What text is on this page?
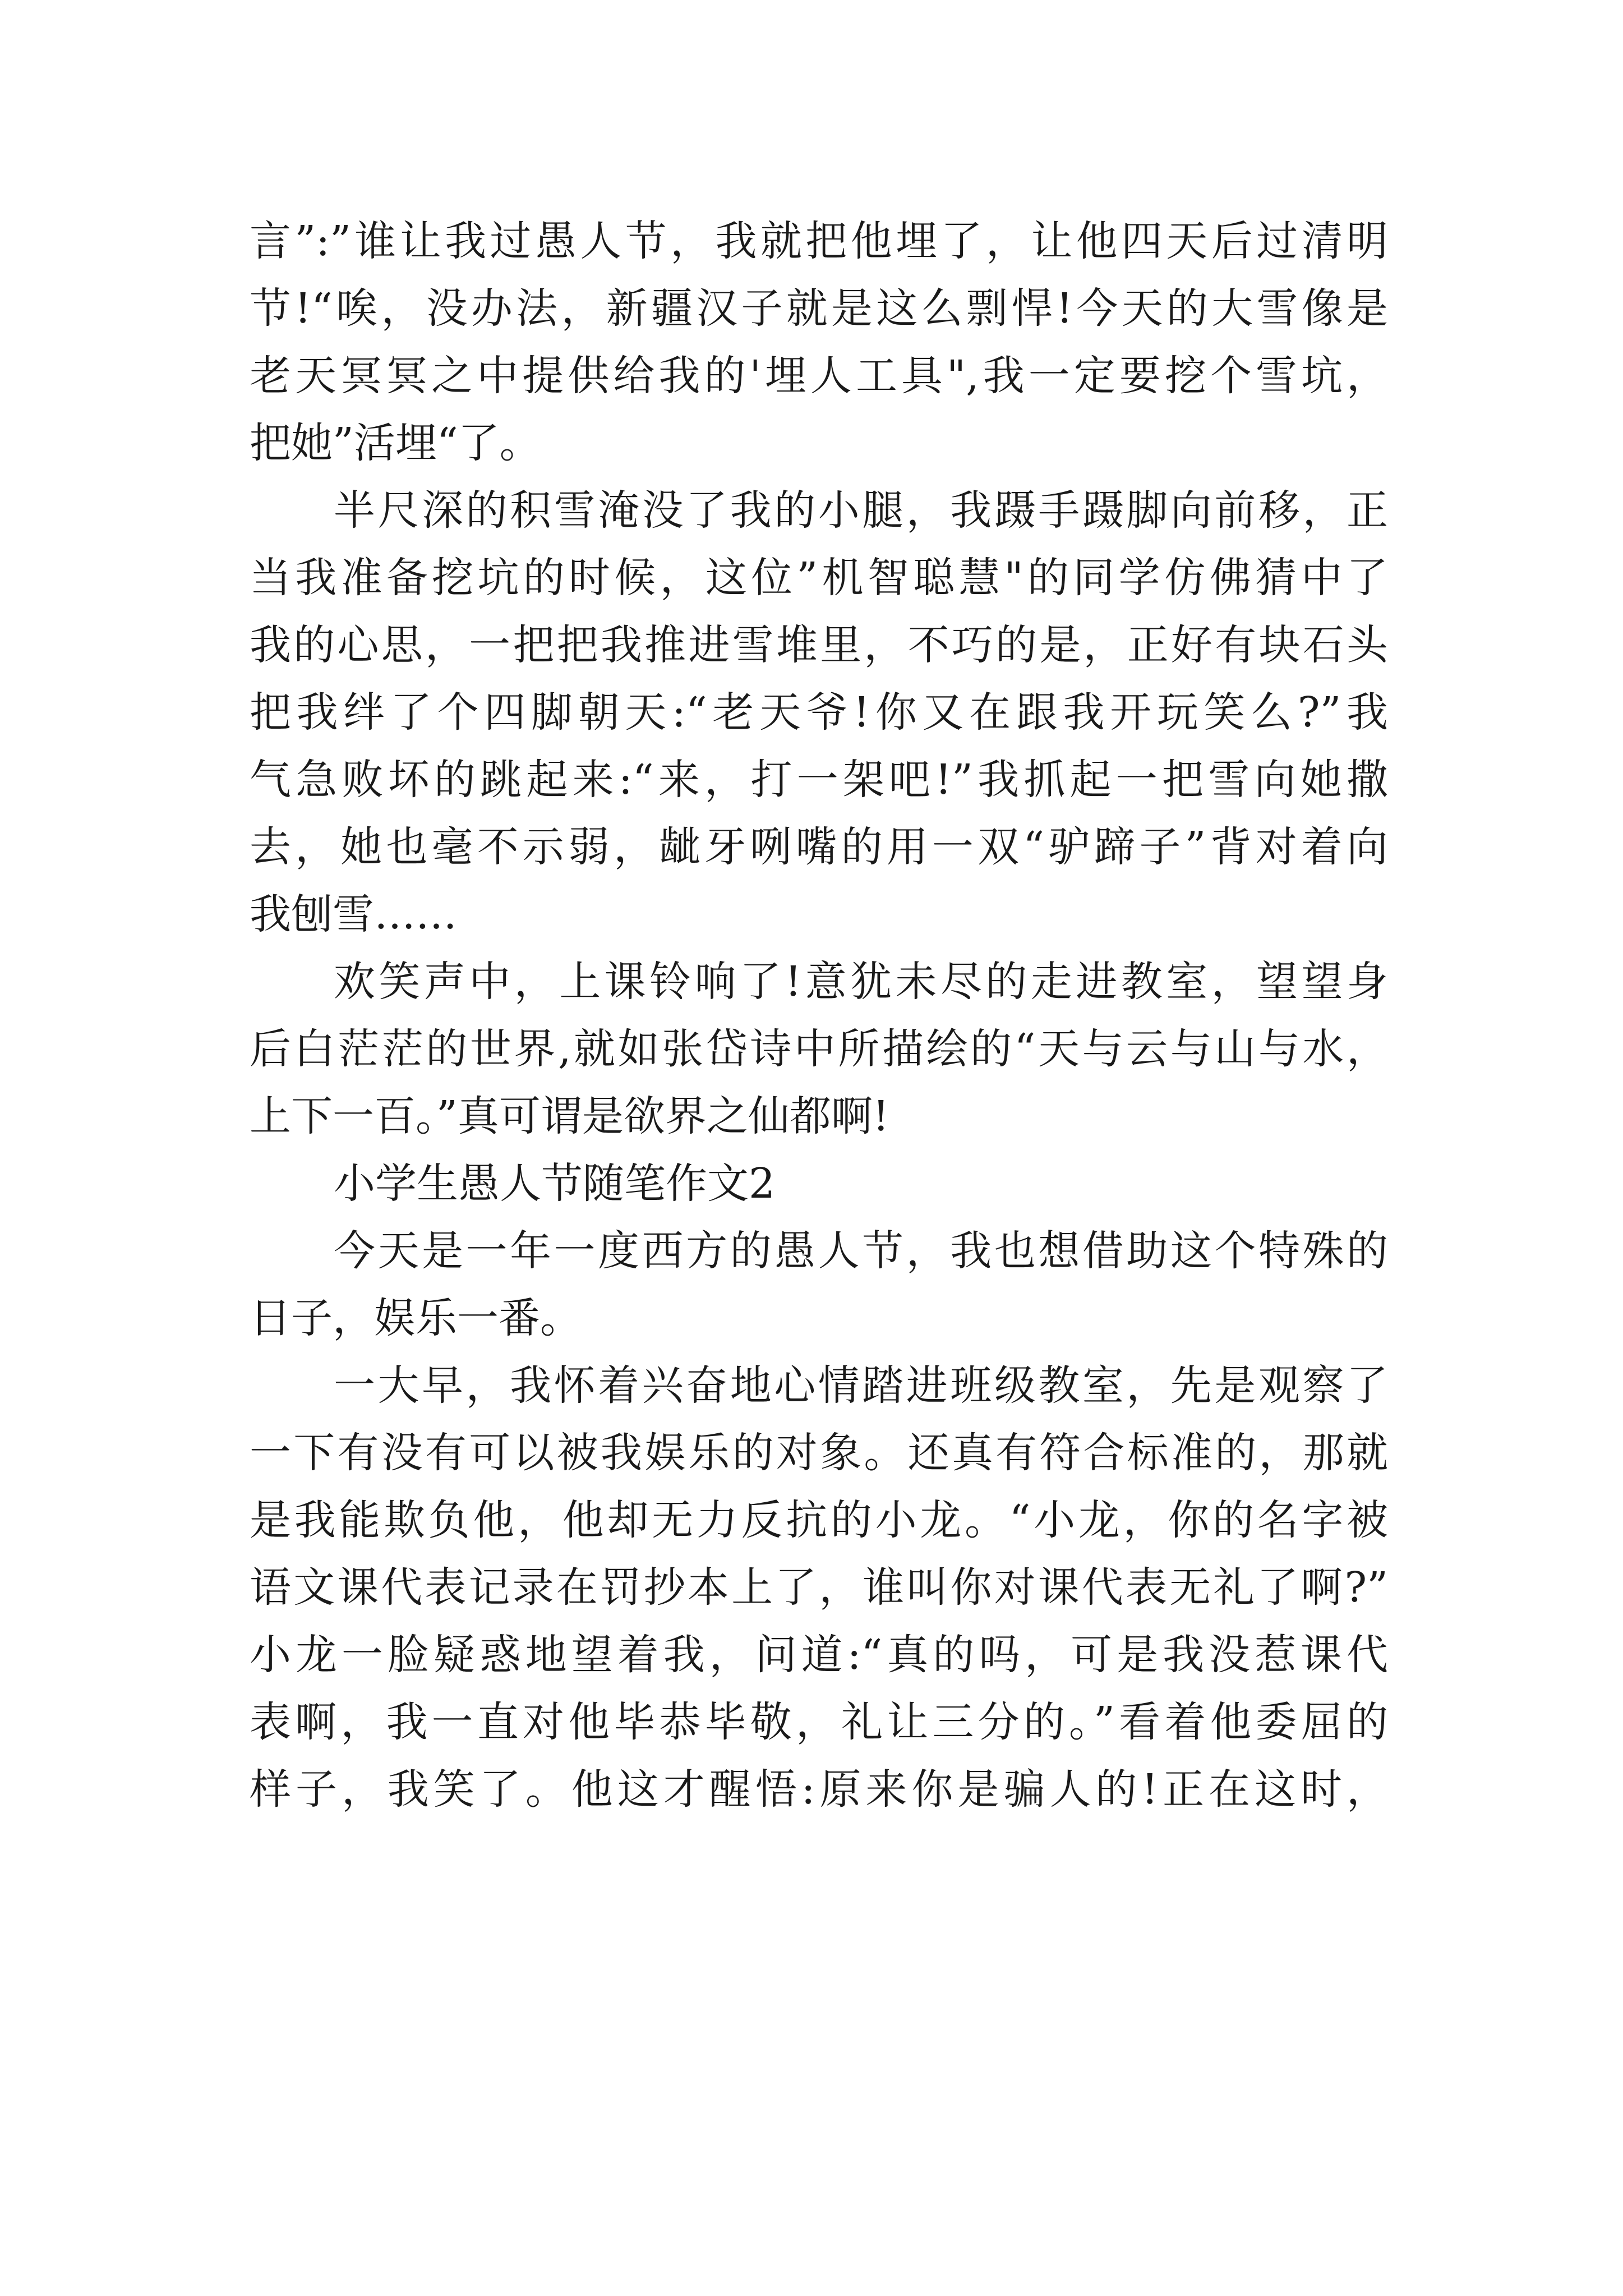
言”:”谁让我过愚人节，我就把他埋了，让他四天后过清明
节!“唉，没办法，新疆汉子就是这么剽悍!今天的大雪像是
老天冥冥之中提供给我的'埋人工具",我一定要挖个雪坑，
把她”活埋“了。
半尺深的积雪淹没了我的小腿，我蹑手蹑脚向前移，正
当我准备挖坑的时候，这位”机智聪慧"的同学仿佛猜中了
我的心思，一把把我推进雪堆里，不巧的是，正好有块石头
把我绊了个四脚朝天:“老天爷!你又在跟我开玩笑么?”我
气急败坏的跳起来:“来，打一架吧!”我抓起一把雪向她撒
去，她也毫不示弱，龇牙咧嘴的用一双“驴蹄子”背对着向
我刨雪……
欢笑声中，上课铃响了!意犹未尽的走进教室，望望身
后白茫茫的世界,就如张岱诗中所描绘的“天与云与山与水，
上下一百。”真可谓是欲界之仙都啊!
小学生愚人节随笔作文2
今天是一年一度西方的愚人节，我也想借助这个特殊的
日子，娱乐一番。
一大早，我怀着兴奋地心情踏进班级教室，先是观察了
一下有没有可以被我娱乐的对象。还真有符合标准的，那就
是我能欺负他，他却无力反抗的小龙。“小龙，你的名字被
语文课代表记录在罚抄本上了，谁叫你对课代表无礼了啊?”
小龙一脸疑惑地望着我，问道:“真的吗，可是我没惹课代
表啊，我一直对他毕恭毕敬，礼让三分的。”看着他委屈的
样子，我笑了。他这才醒悟:原来你是骗人的!正在这时，
